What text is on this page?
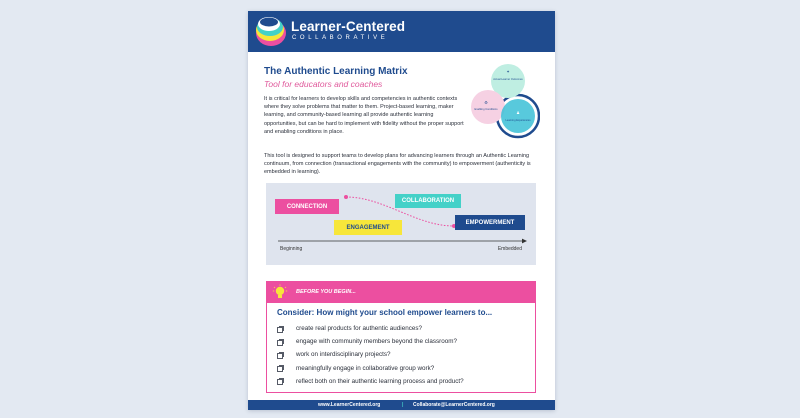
Learner-Centered
COLLABORATIVE
The Authentic Learning Matrix
Tool for educators and coaches

It is critical for learners to develop skills and competencies in authentic contexts where they solve problems that matter to them. Project-based learning, maker learning, and community-based learning all provide authentic learning opportunities, but can be hard to implement with fidelity without the proper support and enabling conditions in place.

This tool is designed to support teams to develop plans for advancing learners through an Authentic Learning continuum, from connection (transactional engagements with the community) to empowerment (authenticity is embedded in learning).

✦
Actual Learner Outcomes
⚙
Enabling Conditions
♟
Learning Experiences
CONNECTION
ENGAGEMENT
COLLABORATION
EMPOWERMENT
Beginning	Embedded
BEFORE YOU BEGIN...
Consider: How might your school empower learners to...
create real products for authentic audiences?
engage with community members beyond the classroom?
work on interdisciplinary projects?
meaningfully engage in collaborative group work?
reflect both on their authentic learning process and product?
www.LearnerCentered.org	| Collaborate@LearnerCentered.org
